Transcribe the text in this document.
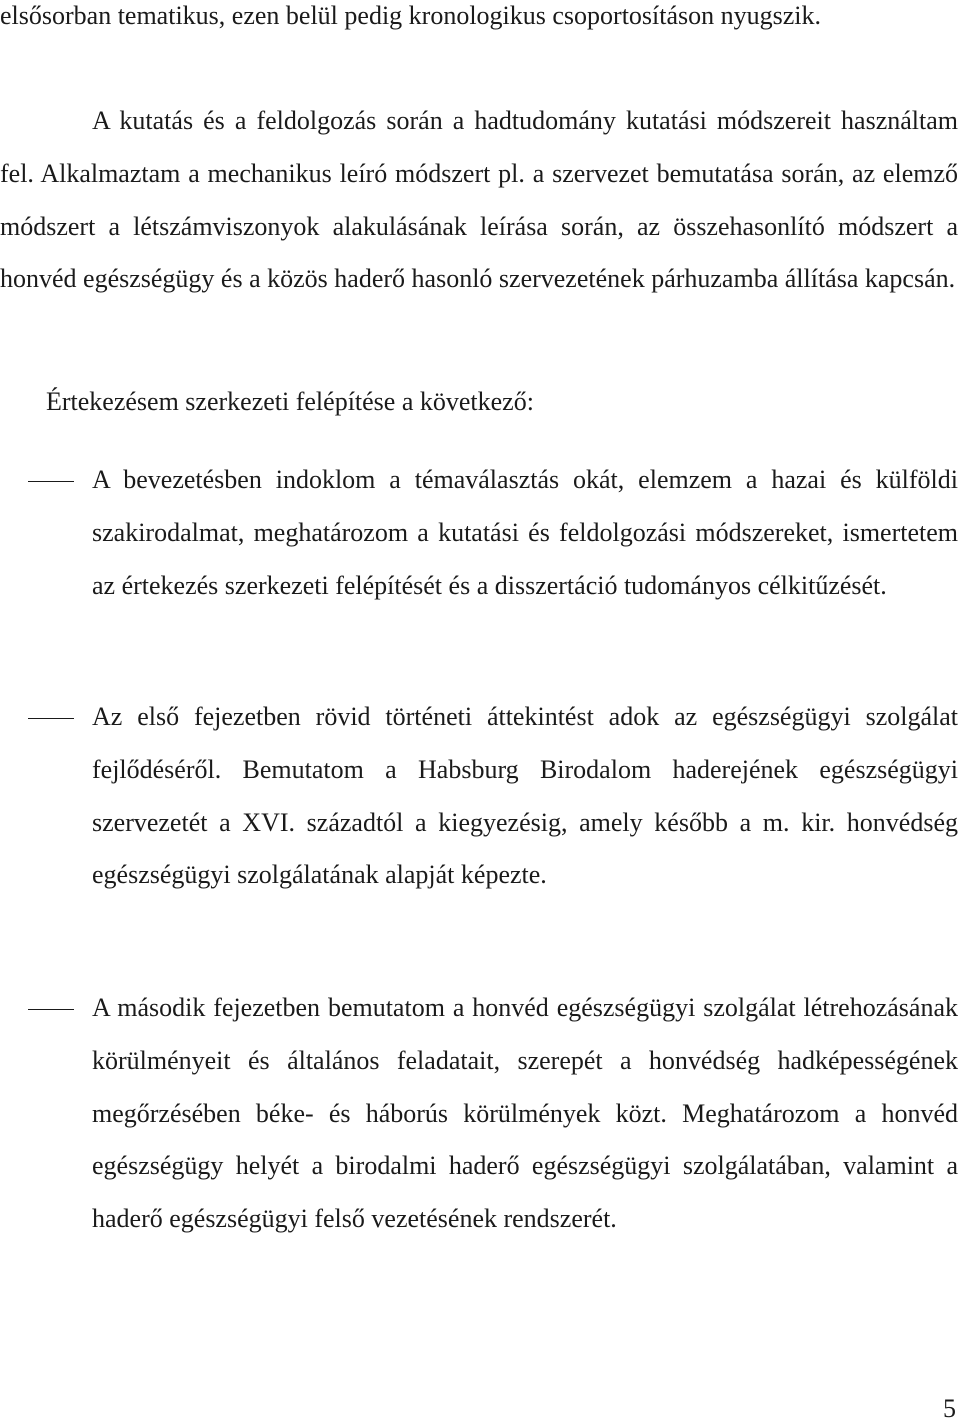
elsősorban tematikus, ezen belül pedig kronologikus csoportosításon nyugszik.

A kutatás és a feldolgozás során a hadtudomány kutatási módszereit használtam fel. Alkalmaztam a mechanikus leíró módszert pl. a szervezet bemutatása során, az elemző módszert a létszámviszonyok alakulásának leírása során, az összehasonlító módszert a honvéd egészségügy és a közös haderő hasonló szervezetének párhuzamba állítása kapcsán.

Értekezésem szerkezeti felépítése a következő:

A bevezetésben indoklom a témaválasztás okát, elemzem a hazai és külföldi szakirodalmat, meghatározom a kutatási és feldolgozási módszereket, ismertetem az értekezés szerkezeti felépítését és a disszertáció tudományos célkitűzését.

Az első fejezetben rövid történeti áttekintést adok az egészségügyi szolgálat fejlődéséről. Bemutatom a Habsburg Birodalom haderejének egészségügyi szervezetét a XVI. századtól a kiegyezésig, amely később a m. kir. honvédség egészségügyi szolgálatának alapját képezte.

A második fejezetben bemutatom a honvéd egészségügyi szolgálat létrehozásának körülményeit és általános feladatait, szerepét a honvédség hadképességének megőrzésében béke- és háborús körülmények közt. Meghatározom a honvéd egészségügy helyét a birodalmi haderő egészségügyi szolgálatában, valamint a haderő egészségügyi felső vezetésének rendszerét.

5
